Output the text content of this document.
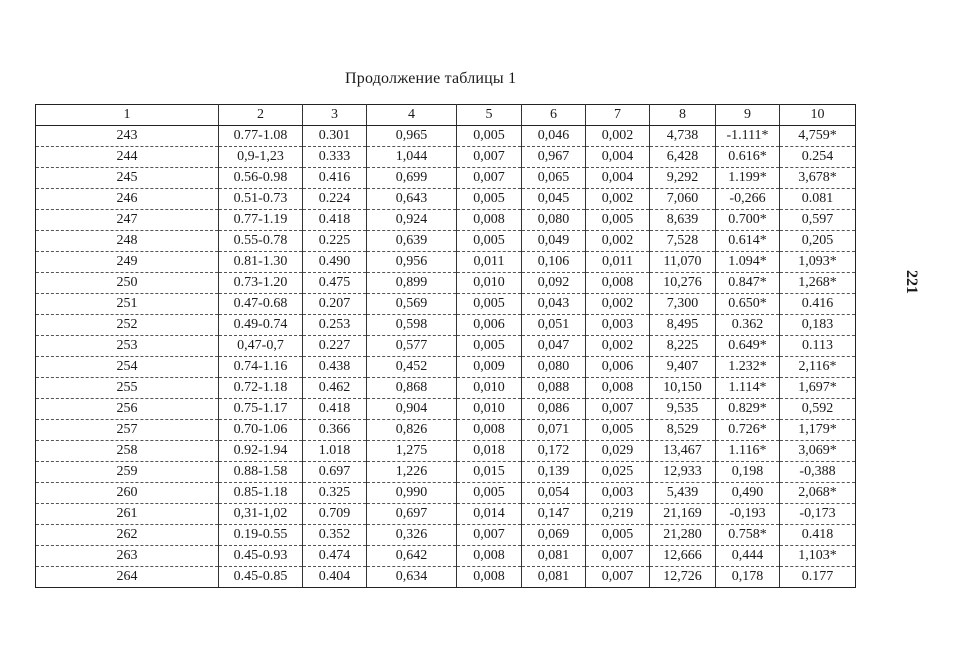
Продолжение таблицы 1
221
1	2	3	4	5	6	7	8	9	10
243	0.77-1.08	0.301	0,965	0,005	0,046	0,002	4,738	-1.111*	4,759*
244	0,9-1,23	0.333	1,044	0,007	0,967	0,004	6,428	0.616*	0.254
245	0.56-0.98	0.416	0,699	0,007	0,065	0,004	9,292	1.199*	3,678*
246	0.51-0.73	0.224	0,643	0,005	0,045	0,002	7,060	-0,266	0.081
247	0.77-1.19	0.418	0,924	0,008	0,080	0,005	8,639	0.700*	0,597
248	0.55-0.78	0.225	0,639	0,005	0,049	0,002	7,528	0.614*	0,205
249	0.81-1.30	0.490	0,956	0,011	0,106	0,011	11,070	1.094*	1,093*
250	0.73-1.20	0.475	0,899	0,010	0,092	0,008	10,276	0.847*	1,268*
251	0.47-0.68	0.207	0,569	0,005	0,043	0,002	7,300	0.650*	0.416
252	0.49-0.74	0.253	0,598	0,006	0,051	0,003	8,495	0.362	0,183
253	0,47-0,7	0.227	0,577	0,005	0,047	0,002	8,225	0.649*	0.113
254	0.74-1.16	0.438	0,452	0,009	0,080	0,006	9,407	1.232*	2,116*
255	0.72-1.18	0.462	0,868	0,010	0,088	0,008	10,150	1.114*	1,697*
256	0.75-1.17	0.418	0,904	0,010	0,086	0,007	9,535	0.829*	0,592
257	0.70-1.06	0.366	0,826	0,008	0,071	0,005	8,529	0.726*	1,179*
258	0.92-1.94	1.018	1,275	0,018	0,172	0,029	13,467	1.116*	3,069*
259	0.88-1.58	0.697	1,226	0,015	0,139	0,025	12,933	0,198	-0,388
260	0.85-1.18	0.325	0,990	0,005	0,054	0,003	5,439	0,490	2,068*
261	0,31-1,02	0.709	0,697	0,014	0,147	0,219	21,169	-0,193	-0,173
262	0.19-0.55	0.352	0,326	0,007	0,069	0,005	21,280	0.758*	0.418
263	0.45-0.93	0.474	0,642	0,008	0,081	0,007	12,666	0,444	1,103*
264	0.45-0.85	0.404	0,634	0,008	0,081	0,007	12,726	0,178	0.177
